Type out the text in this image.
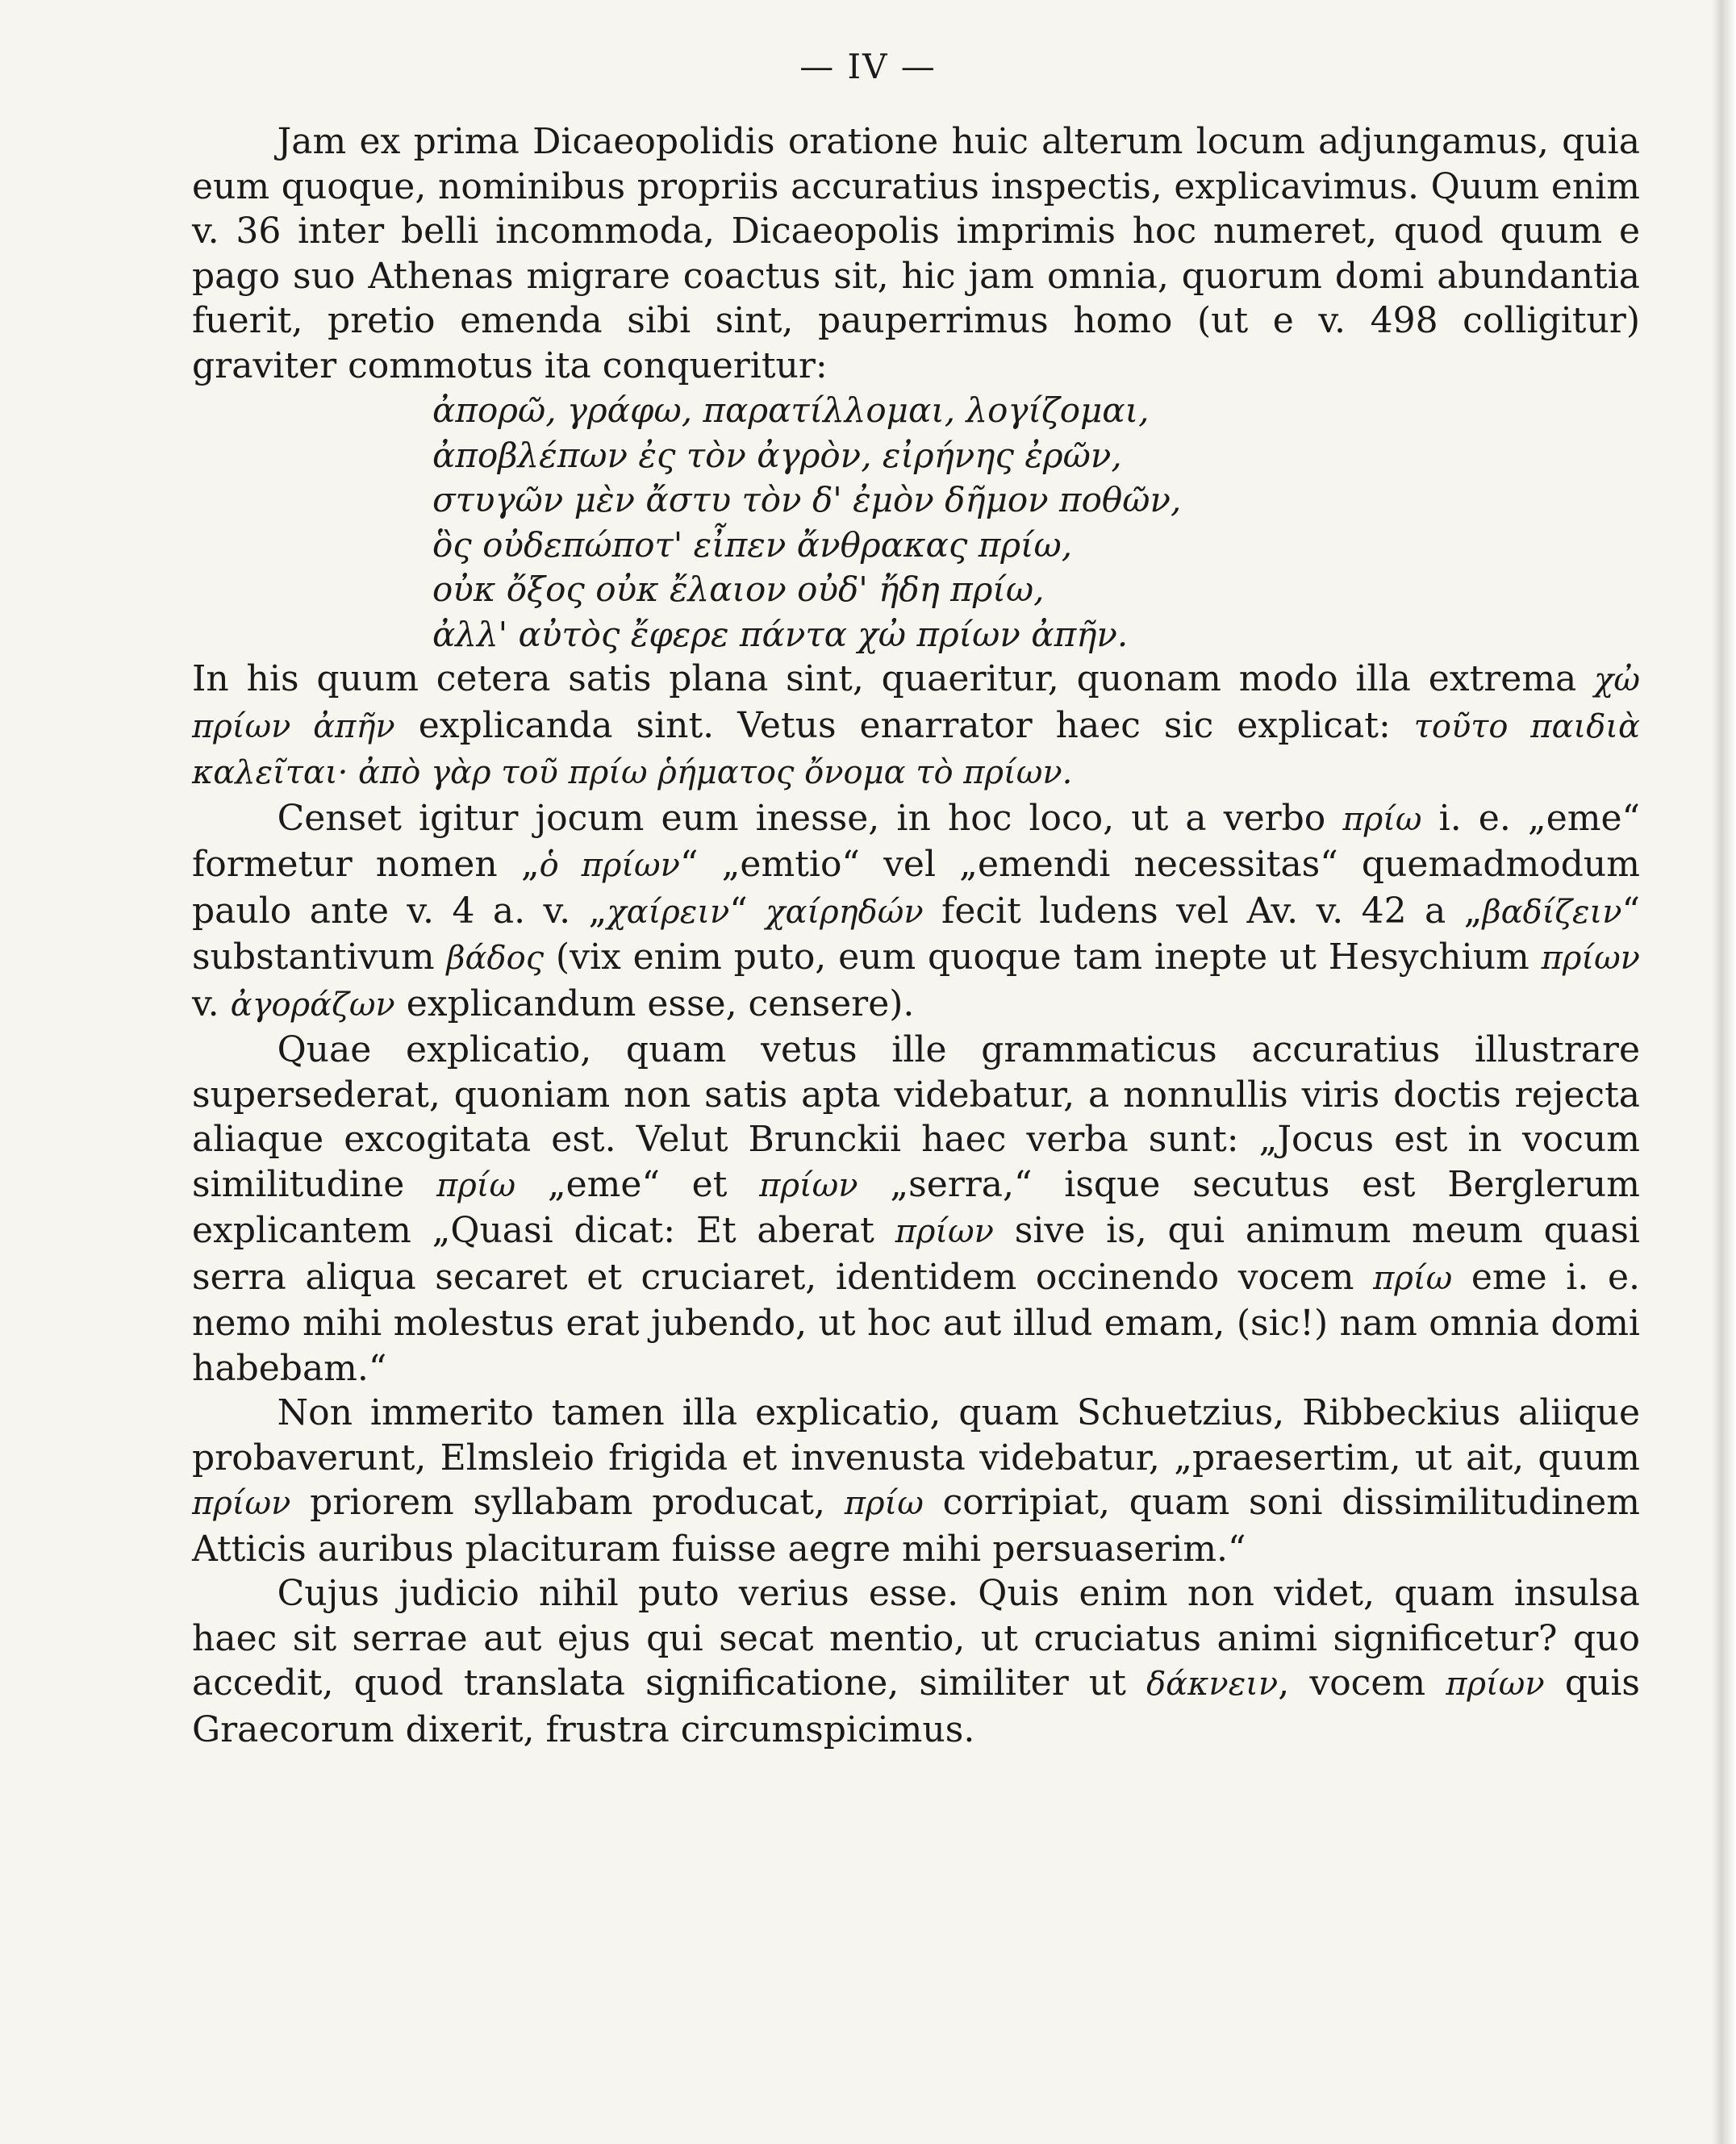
— IV —

Jam ex prima Dicaeopolidis oratione huic alterum locum adjungamus, quia eum quoque, nominibus propriis accuratius inspectis, explicavimus. Quum enim v. 36 inter belli incommoda, Dicaeopolis imprimis hoc numeret, quod quum e pago suo Athenas migrare coactus sit, hic jam omnia, quorum domi abundantia fuerit, pretio emenda sibi sint, pauperrimus homo (ut e v. 498 colligitur) graviter commotus ita conqueritur:

ἀπορῶ, γράφω, παρατίλλομαι, λογίζομαι,
ἀποβλέπων ἐς τὸν ἀγρὸν, εἰρήνης ἐρῶν,
στυγῶν μὲν ἄστυ τὸν δ' ἐμὸν δῆμον ποθῶν,
ὃς οὐδεπώποτ' εἶπεν ἄνθρακας πρίω,
οὐκ ὄξος οὐκ ἔλαιον οὐδ' ἤδη πρίω,
ἀλλ' αὐτὸς ἔφερε πάντα χὠ πρίων ἀπῆν.

In his quum cetera satis plana sint, quaeritur, quonam modo illa extrema χὠ πρίων ἀπῆν explicanda sint. Vetus enarrator haec sic explicat: τοῦτο παιδιὰ καλεῖται· ἀπὸ γὰρ τοῦ πρίω ῥήματος ὄνομα τὸ πρίων.

Censet igitur jocum eum inesse, in hoc loco, ut a verbo πρίω i. e. „eme“ formetur nomen „ὁ πρίων“ „emtio“ vel „emendi necessitas“ quemadmodum paulo ante v. 4 a. v. „χαίρειν“ χαίρηδών fecit ludens vel Av. v. 42 a „βαδίζειν“ substantivum βάδος (vix enim puto, eum quoque tam inepte ut Hesychium πρίων v. ἀγοράζων explicandum esse, censere).

Quae explicatio, quam vetus ille grammaticus accuratius illustrare supersederat, quoniam non satis apta videbatur, a nonnullis viris doctis rejecta aliaque excogitata est. Velut Brunckii haec verba sunt: „Jocus est in vocum similitudine πρίω „eme“ et πρίων „serra,“ isque secutus est Berglerum explicantem „Quasi dicat: Et aberat πρίων sive is, qui animum meum quasi serra aliqua secaret et cruciaret, identidem occinendo vocem πρίω eme i. e. nemo mihi molestus erat jubendo, ut hoc aut illud emam, (sic!) nam omnia domi habebam.“

Non immerito tamen illa explicatio, quam Schuetzius, Ribbeckius aliique probaverunt, Elmsleio frigida et invenusta videbatur, „praesertim, ut ait, quum πρίων priorem syllabam producat, πρίω corripiat, quam soni dissimilitudinem Atticis auribus placituram fuisse aegre mihi persuaserim.“

Cujus judicio nihil puto verius esse. Quis enim non videt, quam insulsa haec sit serrae aut ejus qui secat mentio, ut cruciatus animi significetur? quo accedit, quod translata significatione, similiter ut δάκνειν, vocem πρίων quis Graecorum dixerit, frustra circumspicimus.
